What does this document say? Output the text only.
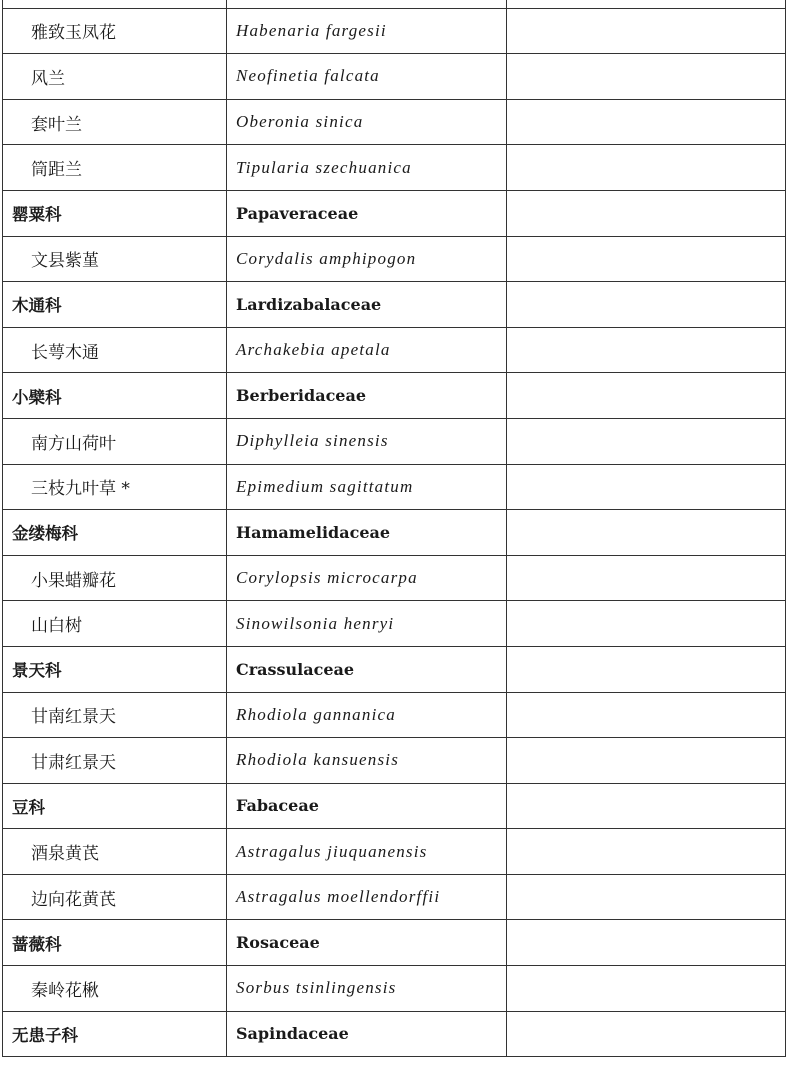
雅致玉凤花	Habenaria fargesii	
风兰	Neofinetia falcata	
套叶兰	Oberonia sinica	
筒距兰	Tipularia szechuanica	
罂粟科	Papaveraceae	
文县紫堇	Corydalis amphipogon	
木通科	Lardizabalaceae	
长萼木通	Archakebia apetala	
小檗科	Berberidaceae	
南方山荷叶	Diphylleia sinensis	
三枝九叶草 *	Epimedium sagittatum	
金缕梅科	Hamamelidaceae	
小果蜡瓣花	Corylopsis microcarpa	
山白树	Sinowilsonia henryi	
景天科	Crassulaceae	
甘南红景天	Rhodiola gannanica	
甘肃红景天	Rhodiola kansuensis	
豆科	Fabaceae	
酒泉黄芪	Astragalus jiuquanensis	
边向花黄芪	Astragalus moellendorffii	
蔷薇科	Rosaceae	
秦岭花楸	Sorbus tsinlingensis	
无患子科	Sapindaceae	
